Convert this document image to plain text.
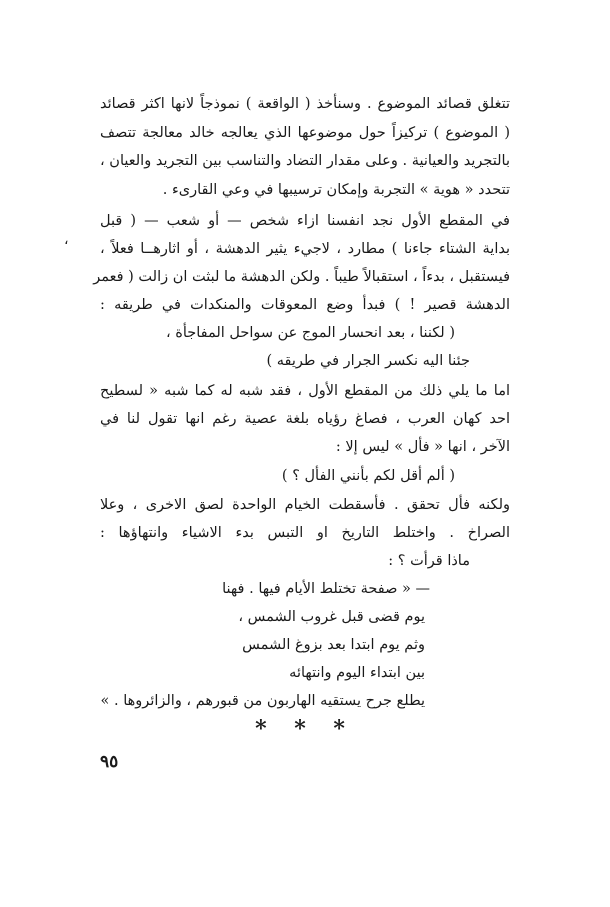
تتغلق قصائد الموضوع . وسنأخذ ( الواقعة ) نموذجاً لانها اكثر قصائد
( الموضوع ) تركيزاً حول موضوعها الذي يعالجه خالد معالجة تتصف
بالتجريد والعيانية . وعلى مقدار التضاد والتناسب بين التجريد والعيان ،
تتحدد « هوية » التجربة وإمكان ترسيبها في وعي القارىء .
في المقطع الأول نجد انفسنا ازاء شخص — أو شعب — ( قبل
بداية الشتاء جاءنا ) مطارد ، لاجيء يثير الدهشة ، أو اثارهــا فعلاً ،
،
فيستقبل ، بدءاً ، استقبالاً طيباً . ولكن الدهشة ما لبثت ان زالت ( فعمر
الدهشة قصير ! ) فبدأ وضع المعوقات والمنكدات في طريقه :
( لكننا ، بعد انحسار الموج عن سواحل المفاجأة ،
جئنا اليه نكسر الجرار في طريقه )
اما ما يلي ذلك من المقطع الأول ، فقد شبه له كما شبه « لسطيح
احد كهان العرب ، فصاغ رؤياه بلغة عصية رغم انها تقول لنا في
الآخر ، انها « فأل » ليس إلا :
( ألم أقل لكم بأنني الفأل ؟ )
ولكنه فأل تحقق . فأسقطت الخيام الواحدة لصق الاخرى ، وعلا
الصراخ . واختلط التاريخ او التبس بدء الاشياء وانتهاؤها :
ماذا قرأت ؟ :
— « صفحة تختلط الأيام فيها . فهنا
يوم قضى قبل غروب الشمس ،
وثم يوم ابتدا بعد بزوغ الشمس
بين ابتداء اليوم وانتهائه
يطلع جرح يستقيه الهاربون من قبورهم ، والزائروها . »
* * *
٩٥
